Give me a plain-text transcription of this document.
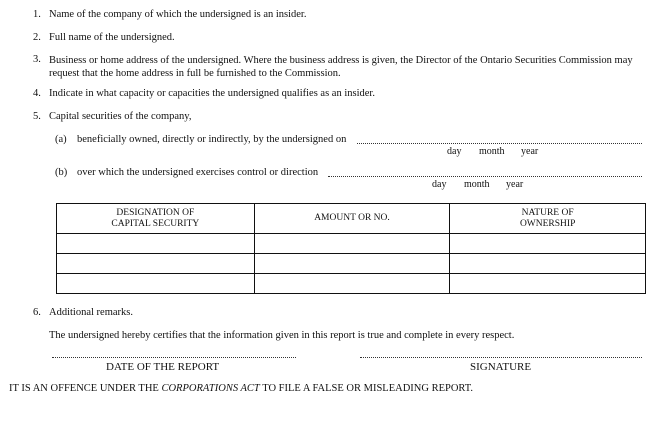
1. Name of the company of which the undersigned is an insider.
2. Full name of the undersigned.
3. Business or home address of the undersigned. Where the business address is given, the Director of the Ontario Securities Commission may request that the home address in full be furnished to the Commission.
4. Indicate in what capacity or capacities the undersigned qualifies as an insider.
5. Capital securities of the company,
(a) beneficially owned, directly or indirectly, by the undersigned on
day month year
(b) over which the undersigned exercises control or direction
day month year
DESIGNATION OF
CAPITAL SECURITY	AMOUNT OR NO.	NATURE OF
OWNERSHIP

6. Additional remarks.
The undersigned hereby certifies that the information given in this report is true and complete in every respect.
DATE OF THE REPORT	SIGNATURE
IT IS AN OFFENCE UNDER THE CORPORATIONS ACT TO FILE A FALSE OR MISLEADING REPORT.
